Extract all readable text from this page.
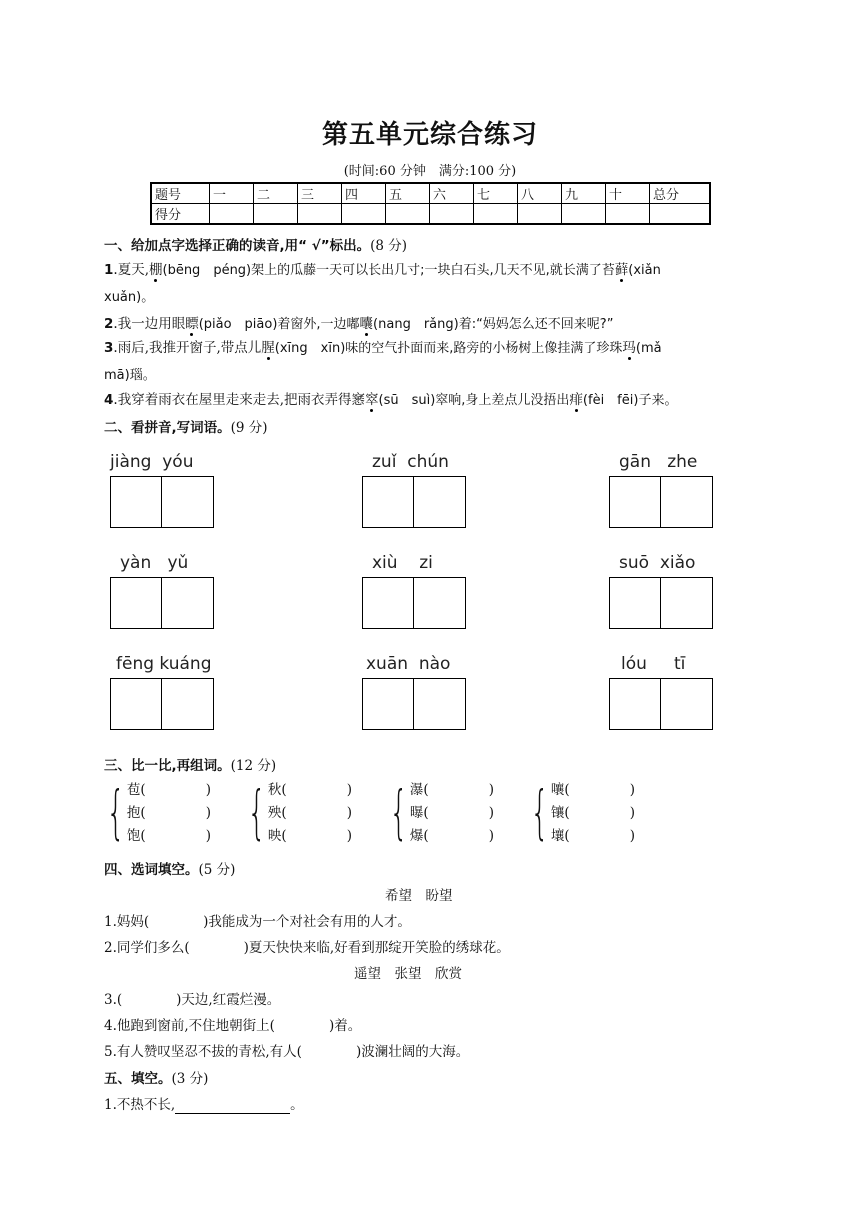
第五单元综合练习
(时间:60 分钟　满分:100 分)
题号	一	二	三	四	五	六	七	八	九	十	总分
得分											
一、给加点字选择正确的读音,用“ √”标出。(8 分)
1.夏天,棚(bēng　péng)架上的瓜藤一天可以长出几寸;一块白石头,几天不见,就长满了苔藓(xiǎn
xuǎn)。
2.我一边用眼瞟(piǎo　piāo)着窗外,一边嘟囔(nang　rǎng)着:“妈妈怎么还不回来呢?”
3.雨后,我推开窗子,带点儿腥(xīng　xīn)味的空气扑面而来,路旁的小杨树上像挂满了珍珠玛(mǎ
mā)瑙。
4.我穿着雨衣在屋里走来走去,把雨衣弄得窸窣(sū　suì)窣响,身上差点儿没捂出痱(fèi　fēi)子来。
二、看拼音,写词语。(9 分)
jiàng yóu	zuǐ chún	gān zhe
yàn yǔ	xiù zi	suō xiǎo
fēng kuáng	xuān nào	lóu tī
三、比一比,再组词。(12 分)
{ 苞(	)
抱(	)
饱(	) { 秋(	)
殃(	)
映(	) { 瀑(	)
曝(	)
爆(	) { 嚷(	)
镶(	)
壤(	)
四、选词填空。(5 分)
希望　盼望
1.妈妈(　　　　)我能成为一个对社会有用的人才。
2.同学们多么(　　　　)夏天快快来临,好看到那绽开笑脸的绣球花。
遥望　张望　欣赏
3.(　　　　)天边,红霞烂漫。
4.他跑到窗前,不住地朝街上(　　　　)着。
5.有人赞叹坚忍不拔的青松,有人(　　　　)波澜壮阔的大海。
五、填空。(3 分)
1.不热不长,	。
